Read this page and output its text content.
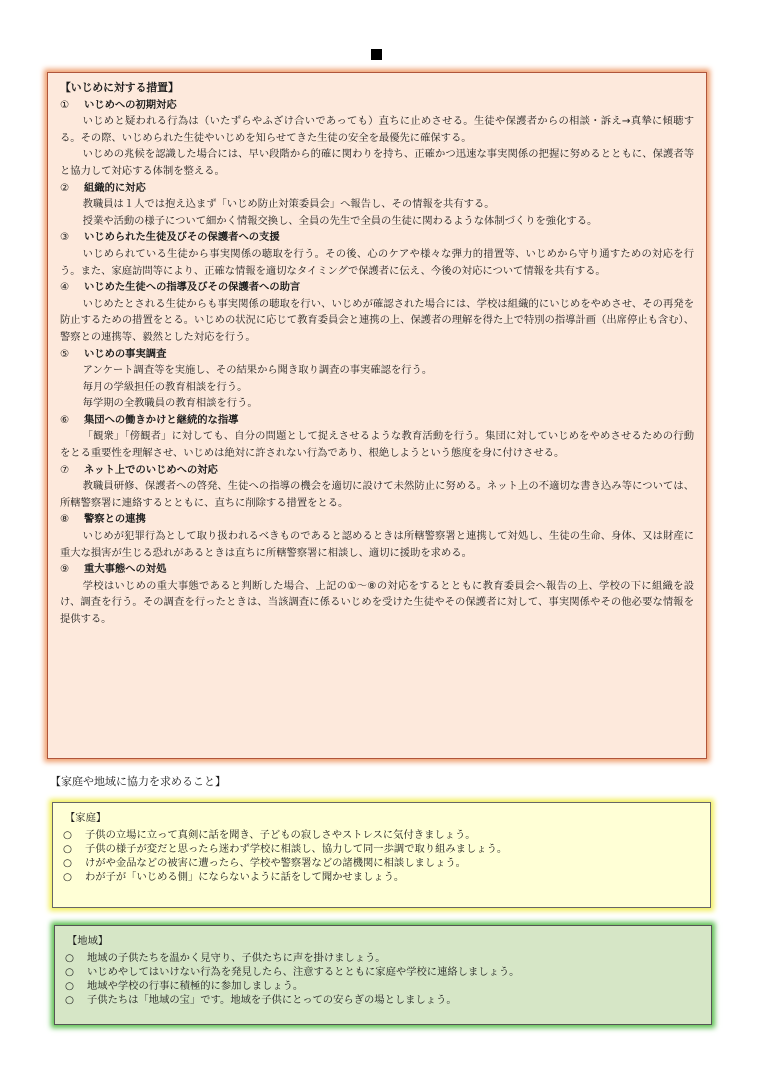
【いじめに対する措置】
① いじめへの初期対応
いじめと疑われる行為は（いたずらやふざけ合いであっても）直ちに止めさせる。生徒や保護者からの相談・訴え→真摯に傾聴する。その際、いじめられた生徒やいじめを知らせてきた生徒の安全を最優先に確保する。
いじめの兆候を認識した場合には、早い段階から的確に関わりを持ち、正確かつ迅速な事実関係の把握に努めるとともに、保護者等と協力して対応する体制を整える。
② 組織的に対応
教職員は１人では抱え込まず「いじめ防止対策委員会」へ報告し、その情報を共有する。
授業や活動の様子について細かく情報交換し、全員の先生で全員の生徒に関わるような体制づくりを強化する。
③ いじめられた生徒及びその保護者への支援
いじめられている生徒から事実関係の聴取を行う。その後、心のケアや様々な弾力的措置等、いじめから守り通すための対応を行う。また、家庭訪問等により、正確な情報を適切なタイミングで保護者に伝え、今後の対応について情報を共有する。
④ いじめた生徒への指導及びその保護者への助言
いじめたとされる生徒からも事実関係の聴取を行い、いじめが確認された場合には、学校は組織的にいじめをやめさせ、その再発を防止するための措置をとる。いじめの状況に応じて教育委員会と連携の上、保護者の理解を得た上で特別の指導計画（出席停止も含む）、警察との連携等、毅然とした対応を行う。
⑤ いじめの事実調査
アンケート調査等を実施し、その結果から聞き取り調査の事実確認を行う。
毎月の学級担任の教育相談を行う。
毎学期の全教職員の教育相談を行う。
⑥ 集団への働きかけと継続的な指導
「観衆」「傍観者」に対しても、自分の問題として捉えさせるような教育活動を行う。集団に対していじめをやめさせるための行動をとる重要性を理解させ、いじめは絶対に許されない行為であり、根絶しようという態度を身に付けさせる。
⑦ ネット上でのいじめへの対応
教職員研修、保護者への啓発、生徒への指導の機会を適切に設けて未然防止に努める。ネット上の不適切な書き込み等については、所轄警察署に連絡するとともに、直ちに削除する措置をとる。
⑧ 警察との連携
いじめが犯罪行為として取り扱われるべきものであると認めるときは所轄警察署と連携して対処し、生徒の生命、身体、又は財産に重大な損害が生じる恐れがあるときは直ちに所轄警察署に相談し、適切に援助を求める。
⑨ 重大事態への対処
学校はいじめの重大事態であると判断した場合、上記の①～⑧の対応をするとともに教育委員会へ報告の上、学校の下に組織を設け、調査を行う。その調査を行ったときは、当該調査に係るいじめを受けた生徒やその保護者に対して、事実関係やその他必要な情報を提供する。
【家庭や地域に協力を求めること】
【家庭】
○ 子供の立場に立って真剣に話を聞き、子どもの寂しさやストレスに気付きましょう。
○ 子供の様子が変だと思ったら迷わず学校に相談し、協力して同一歩調で取り組みましょう。
○ けがや金品などの被害に遭ったら、学校や警察署などの諸機関に相談しましょう。
○ わが子が「いじめる側」にならないように話をして聞かせましょう。
【地域】
○ 地域の子供たちを温かく見守り、子供たちに声を掛けましょう。
○ いじめやしてはいけない行為を発見したら、注意するとともに家庭や学校に連絡しましょう。
○ 地域や学校の行事に積極的に参加しましょう。
○ 子供たちは「地域の宝」です。地域を子供にとっての安らぎの場としましょう。
